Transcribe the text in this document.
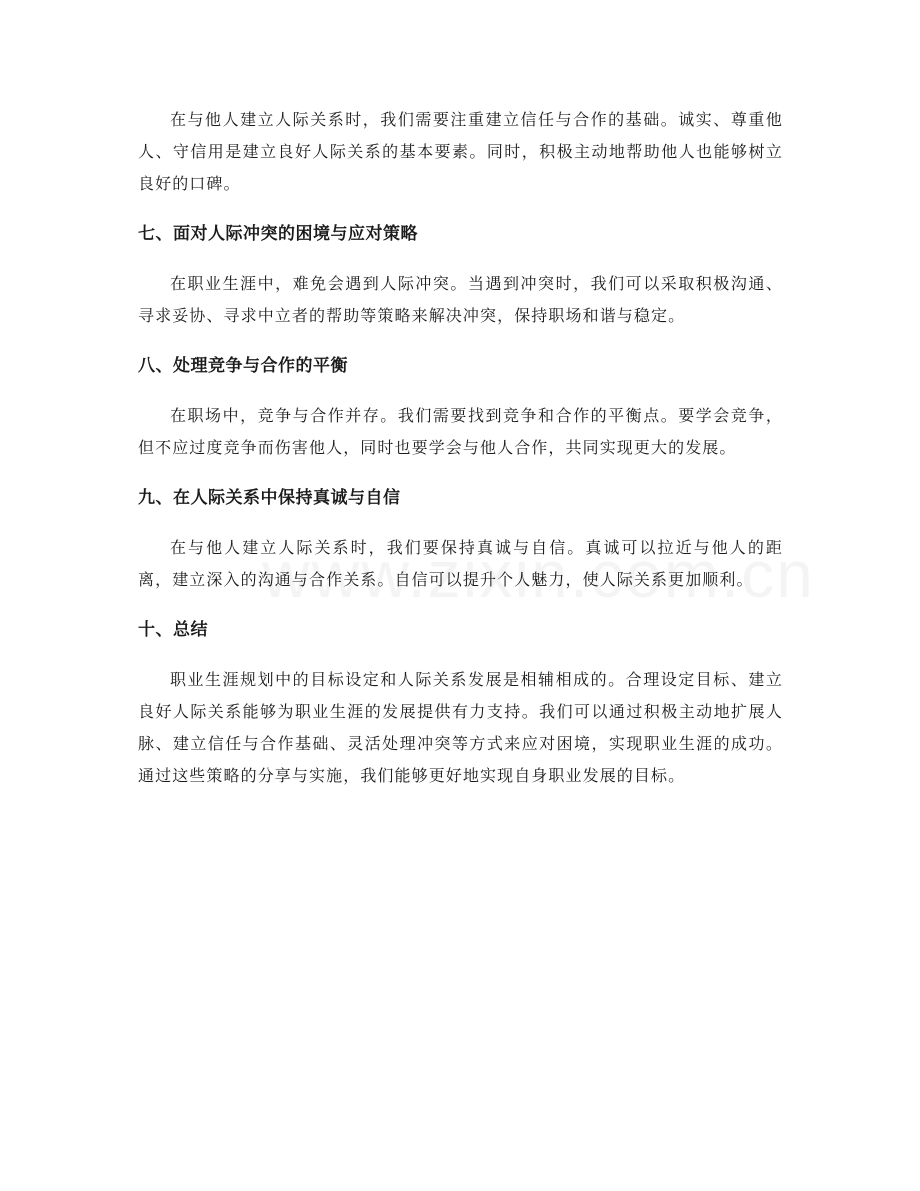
在与他人建立人际关系时，我们需要注重建立信任与合作的基础。诚实、尊重他人、守信用是建立良好人际关系的基本要素。同时，积极主动地帮助他人也能够树立良好的口碑。

七、面对人际冲突的困境与应对策略

在职业生涯中，难免会遇到人际冲突。当遇到冲突时，我们可以采取积极沟通、寻求妥协、寻求中立者的帮助等策略来解决冲突，保持职场和谐与稳定。

八、处理竞争与合作的平衡

在职场中，竞争与合作并存。我们需要找到竞争和合作的平衡点。要学会竞争，但不应过度竞争而伤害他人，同时也要学会与他人合作，共同实现更大的发展。

九、在人际关系中保持真诚与自信

在与他人建立人际关系时，我们要保持真诚与自信。真诚可以拉近与他人的距离，建立深入的沟通与合作关系。自信可以提升个人魅力，使人际关系更加顺利。

十、总结

职业生涯规划中的目标设定和人际关系发展是相辅相成的。合理设定目标、建立良好人际关系能够为职业生涯的发展提供有力支持。我们可以通过积极主动地扩展人脉、建立信任与合作基础、灵活处理冲突等方式来应对困境，实现职业生涯的成功。通过这些策略的分享与实施，我们能够更好地实现自身职业发展的目标。
